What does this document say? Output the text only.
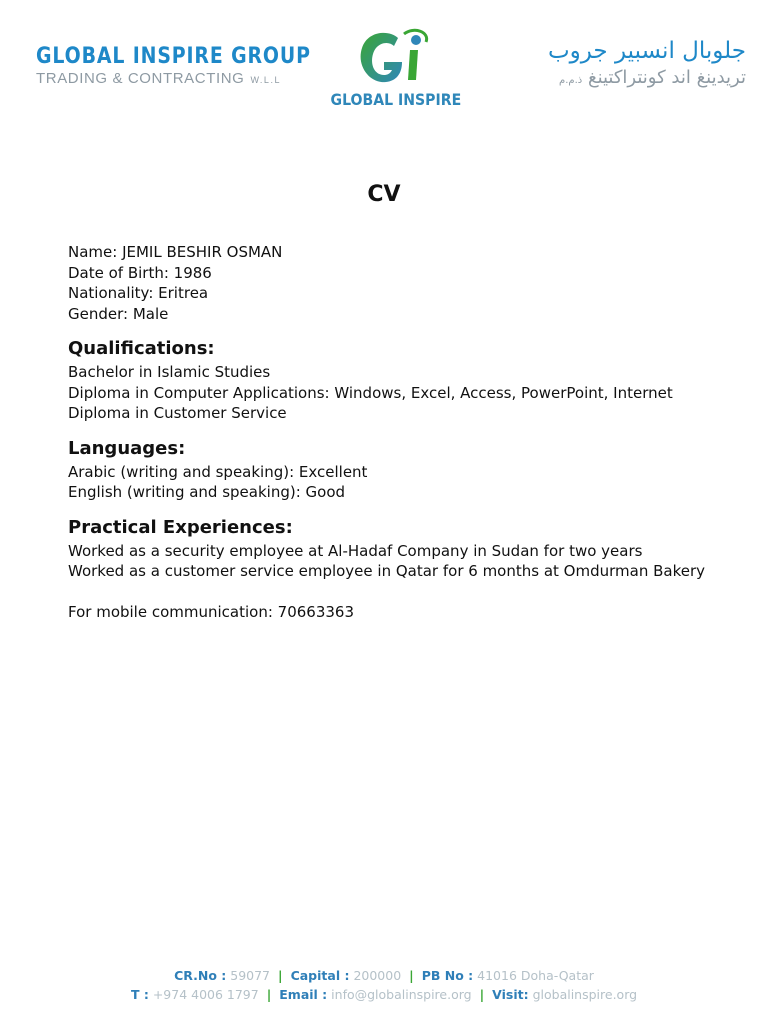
GLOBAL INSPIRE GROUP
TRADING & CONTRACTING W.L.L
GLOBAL INSPIRE
جلوبال انسبير جروب
تريدينغ اند كونتراكتينغ ذ.م.م
CV
Name: JEMIL BESHIR OSMAN
Date of Birth: 1986
Nationality: Eritrea
Gender: Male
Qualifications:
Bachelor in Islamic Studies
Diploma in Computer Applications: Windows, Excel, Access, PowerPoint, Internet
Diploma in Customer Service
Languages:
Arabic (writing and speaking): Excellent
English (writing and speaking): Good
Practical Experiences:
Worked as a security employee at Al-Hadaf Company in Sudan for two years
Worked as a customer service employee in Qatar for 6 months at Omdurman Bakery
For mobile communication: 70663363
CR.No : 59077 | Capital : 200000 | PB No : 41016 Doha-Qatar
T : +974 4006 1797 | Email : info@globalinspire.org | Visit: globalinspire.org
